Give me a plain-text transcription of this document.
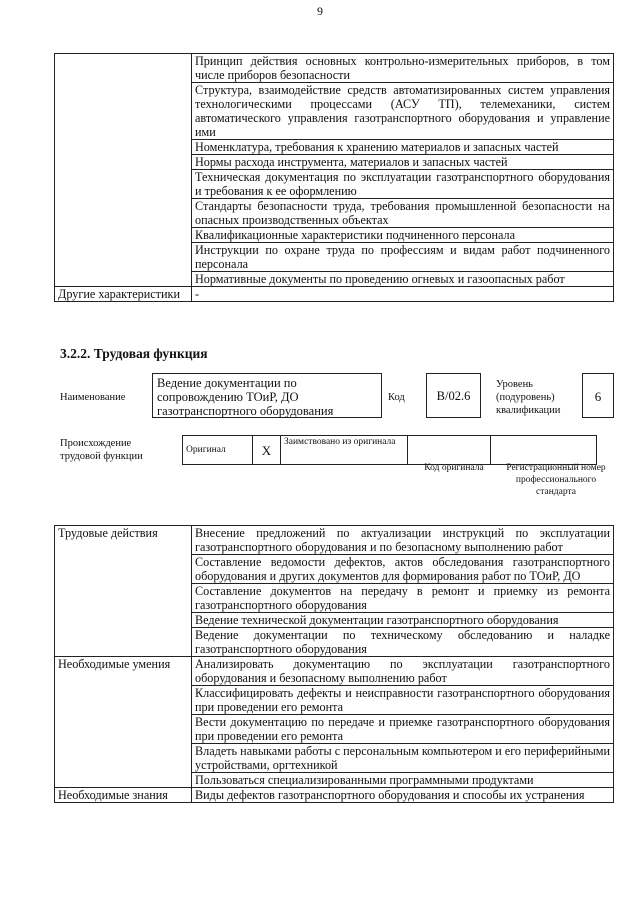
9
	Принцип действия основных контрольно-измерительных приборов, в том числе приборов безопасности
	Структура, взаимодействие средств автоматизированных систем управления технологическими процессами (АСУ ТП), телемеханики, систем автоматического управления газотранспортного оборудования и управление ими
	Номенклатура, требования к хранению материалов и запасных частей
	Нормы расхода инструмента, материалов и запасных частей
	Техническая документация по эксплуатации газотранспортного оборудования и требования к ее оформлению
	Стандарты безопасности труда, требования промышленной безопасности на опасных производственных объектах
	Квалификационные характеристики подчиненного персонала
	Инструкции по охране труда по профессиям и видам работ подчиненного персонала
	Нормативные документы по проведению огневых и газоопасных работ
Другие характеристики	-
3.2.2. Трудовая функция
Наименование
Ведение документации по сопровождению ТОиР, ДО газотранспортного оборудования
Код	В/02.6
Уровень (подуровень) квалификации
6
Происхождение трудовой функции
Оригинал	X	Заимствовано из оригинала		
Код оригинала	Регистрационный номер профессионального стандарта
Трудовые действия	Внесение предложений по актуализации инструкций по эксплуатации газотранспортного оборудования и по безопасному выполнению работ
	Составление ведомости дефектов, актов обследования газотранспортного оборудования и других документов для формирования работ по ТОиР, ДО
	Составление документов на передачу в ремонт и приемку из ремонта газотранспортного оборудования
	Ведение технической документации газотранспортного оборудования
	Ведение документации по техническому обследованию и наладке газотранспортного оборудования
Необходимые умения	Анализировать документацию по эксплуатации газотранспортного оборудования и безопасному выполнению работ
	Классифицировать дефекты и неисправности газотранспортного оборудования при проведении его ремонта
	Вести документацию по передаче и приемке газотранспортного оборудования при проведении его ремонта
	Владеть навыками работы с персональным компьютером и его периферийными устройствами, оргтехникой
	Пользоваться специализированными программными продуктами
Необходимые знания	Виды дефектов газотранспортного оборудования и способы их устранения
